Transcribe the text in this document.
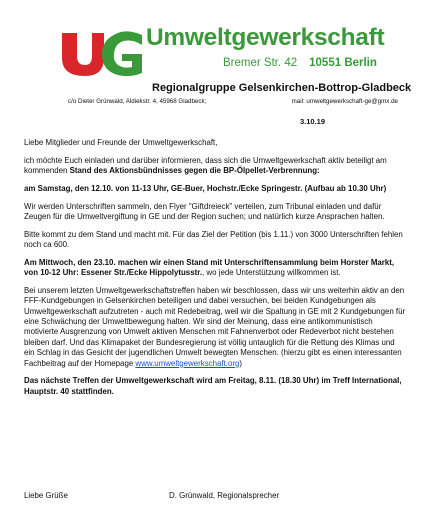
Umweltgewerkschaft
Bremer Str. 42 10551 Berlin
Regionalgruppe Gelsenkirchen-Bottrop-Gladbeck
c/o Dieter Grünwald, Aldiekstr. 4, 45968 Gladbeck;	mail: umweltgewerkschaft-ge@gmx.de
3.10.19

Liebe Mitglieder und Freunde der Umweltgewerkschaft,

ich möchte Euch einladen und darüber informieren, dass sich die Umweltgewerkschaft aktiv beteiligt am kommenden Stand des Aktionsbündnisses gegen die BP-Ölpellet-Verbrennung:

am Samstag, den 12.10. von 11-13 Uhr, GE-Buer, Hochstr./Ecke Springestr. (Aufbau ab 10.30 Uhr)

Wir werden Unterschriften sammeln, den Flyer "Giftdreieck" verteilen, zum Tribunal einladen und dafür Zeugen für die Umweltvergiftung in GE und der Region suchen; und natürlich kurze Ansprachen halten.

Bitte kommt zu dem Stand und macht mit. Für das Ziel der Petition (bis 1.11.) von 3000 Unterschriften fehlen noch ca 600.

Am Mittwoch, den 23.10. machen wir einen Stand mit Unterschriftensammlung beim Horster Markt, von 10-12 Uhr: Essener Str./Ecke Hippolytusstr., wo jede Unterstützung willkommen ist.

Bei unserem letzten Umweltgewerkschaftstreffen haben wir beschlossen, dass wir uns weiterhin aktiv an den FFF-Kundgebungen in Gelsenkirchen beteiligen und dabei versuchen, bei beiden Kundgebungen als Umweltgewerkschaft aufzutreten - auch mit Redebeitrag, weil wir die Spaltung in GE mit 2 Kundgebungen für eine Schwächung der Umweltbewegung halten. Wir sind der Meinung, dass eine antikommunistisch motivierte Ausgrenzung von Umwelt aktiven Menschen mit Fahnenverbot oder Redeverbot nicht bestehen bleiben darf. Und das Klimapaket der Bundesregierung ist völlig untauglich für die Rettung des Klimas und ein Schlag in das Gesicht der jugendlichen Umwelt bewegten Menschen. (hierzu gibt es einen interessanten Fachbeitrag auf der Homepage www.umweltgewerkschaft.org)

Das nächste Treffen der Umweltgewerkschaft wird am Freitag, 8.11. (18.30 Uhr) im Treff International, Hauptstr. 40 stattfinden.

Liebe Grüße	D. Grünwald, Regionalsprecher
